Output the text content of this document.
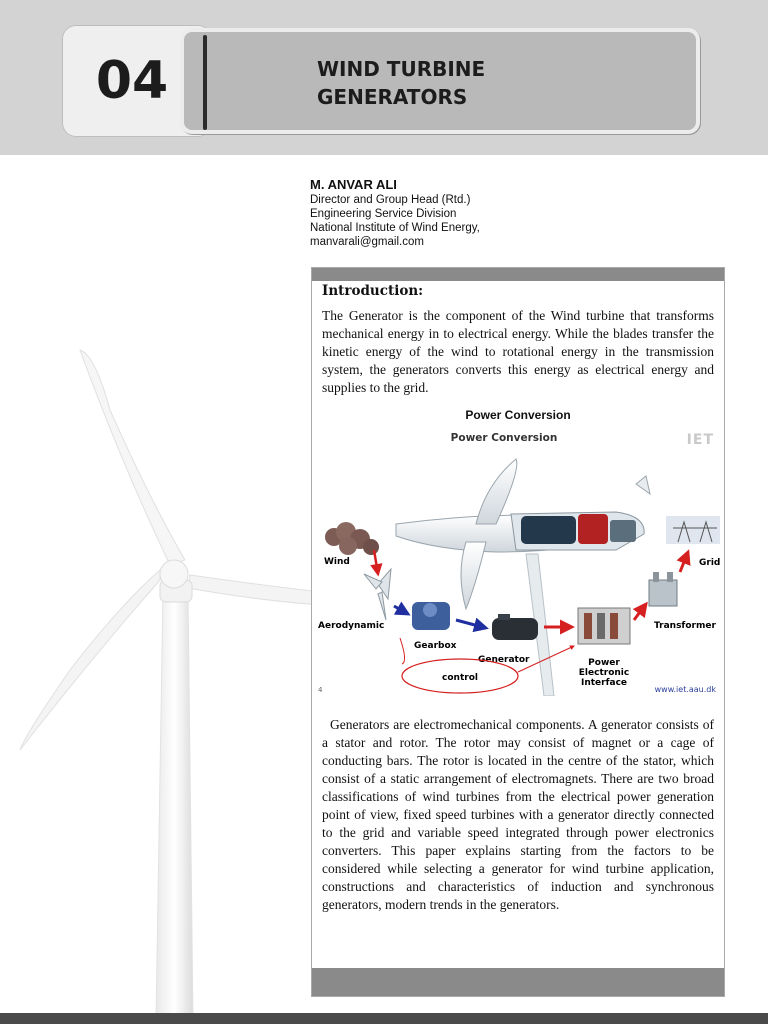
04	WIND TURBINE
GENERATORS
M. ANVAR ALI
Director and Group Head (Rtd.)
Engineering Service Division
National Institute of Wind Energy,
manvarali@gmail.com
Introduction:

The Generator is the component of the Wind turbine that transforms mechanical energy in to electrical energy. While the blades transfer the kinetic energy of the wind to rotational energy in the transmission system, the generators converts this energy as electrical energy and supplies to the grid.

Power Conversion
Power Conversion	IET
Wind
Aerodynamic
Gearbox
Generator	Power
Electronic
Interface
Transformer
Grid
control
4	www.iet.aau.dk

Generators are electromechanical components. A generator consists of a stator and rotor. The rotor may consist of magnet or a cage of conducting bars. The rotor is located in the centre of the stator, which consist of a static arrangement of electromagnets. There are two broad classifications of wind turbines from the electrical power generation point of view, fixed speed turbines with a generator directly connected to the grid and variable speed integrated through power electronics converters. This paper explains starting from the factors to be considered while selecting a generator for wind turbine application, constructions and characteristics of induction and synchronous generators, modern trends in the generators.
